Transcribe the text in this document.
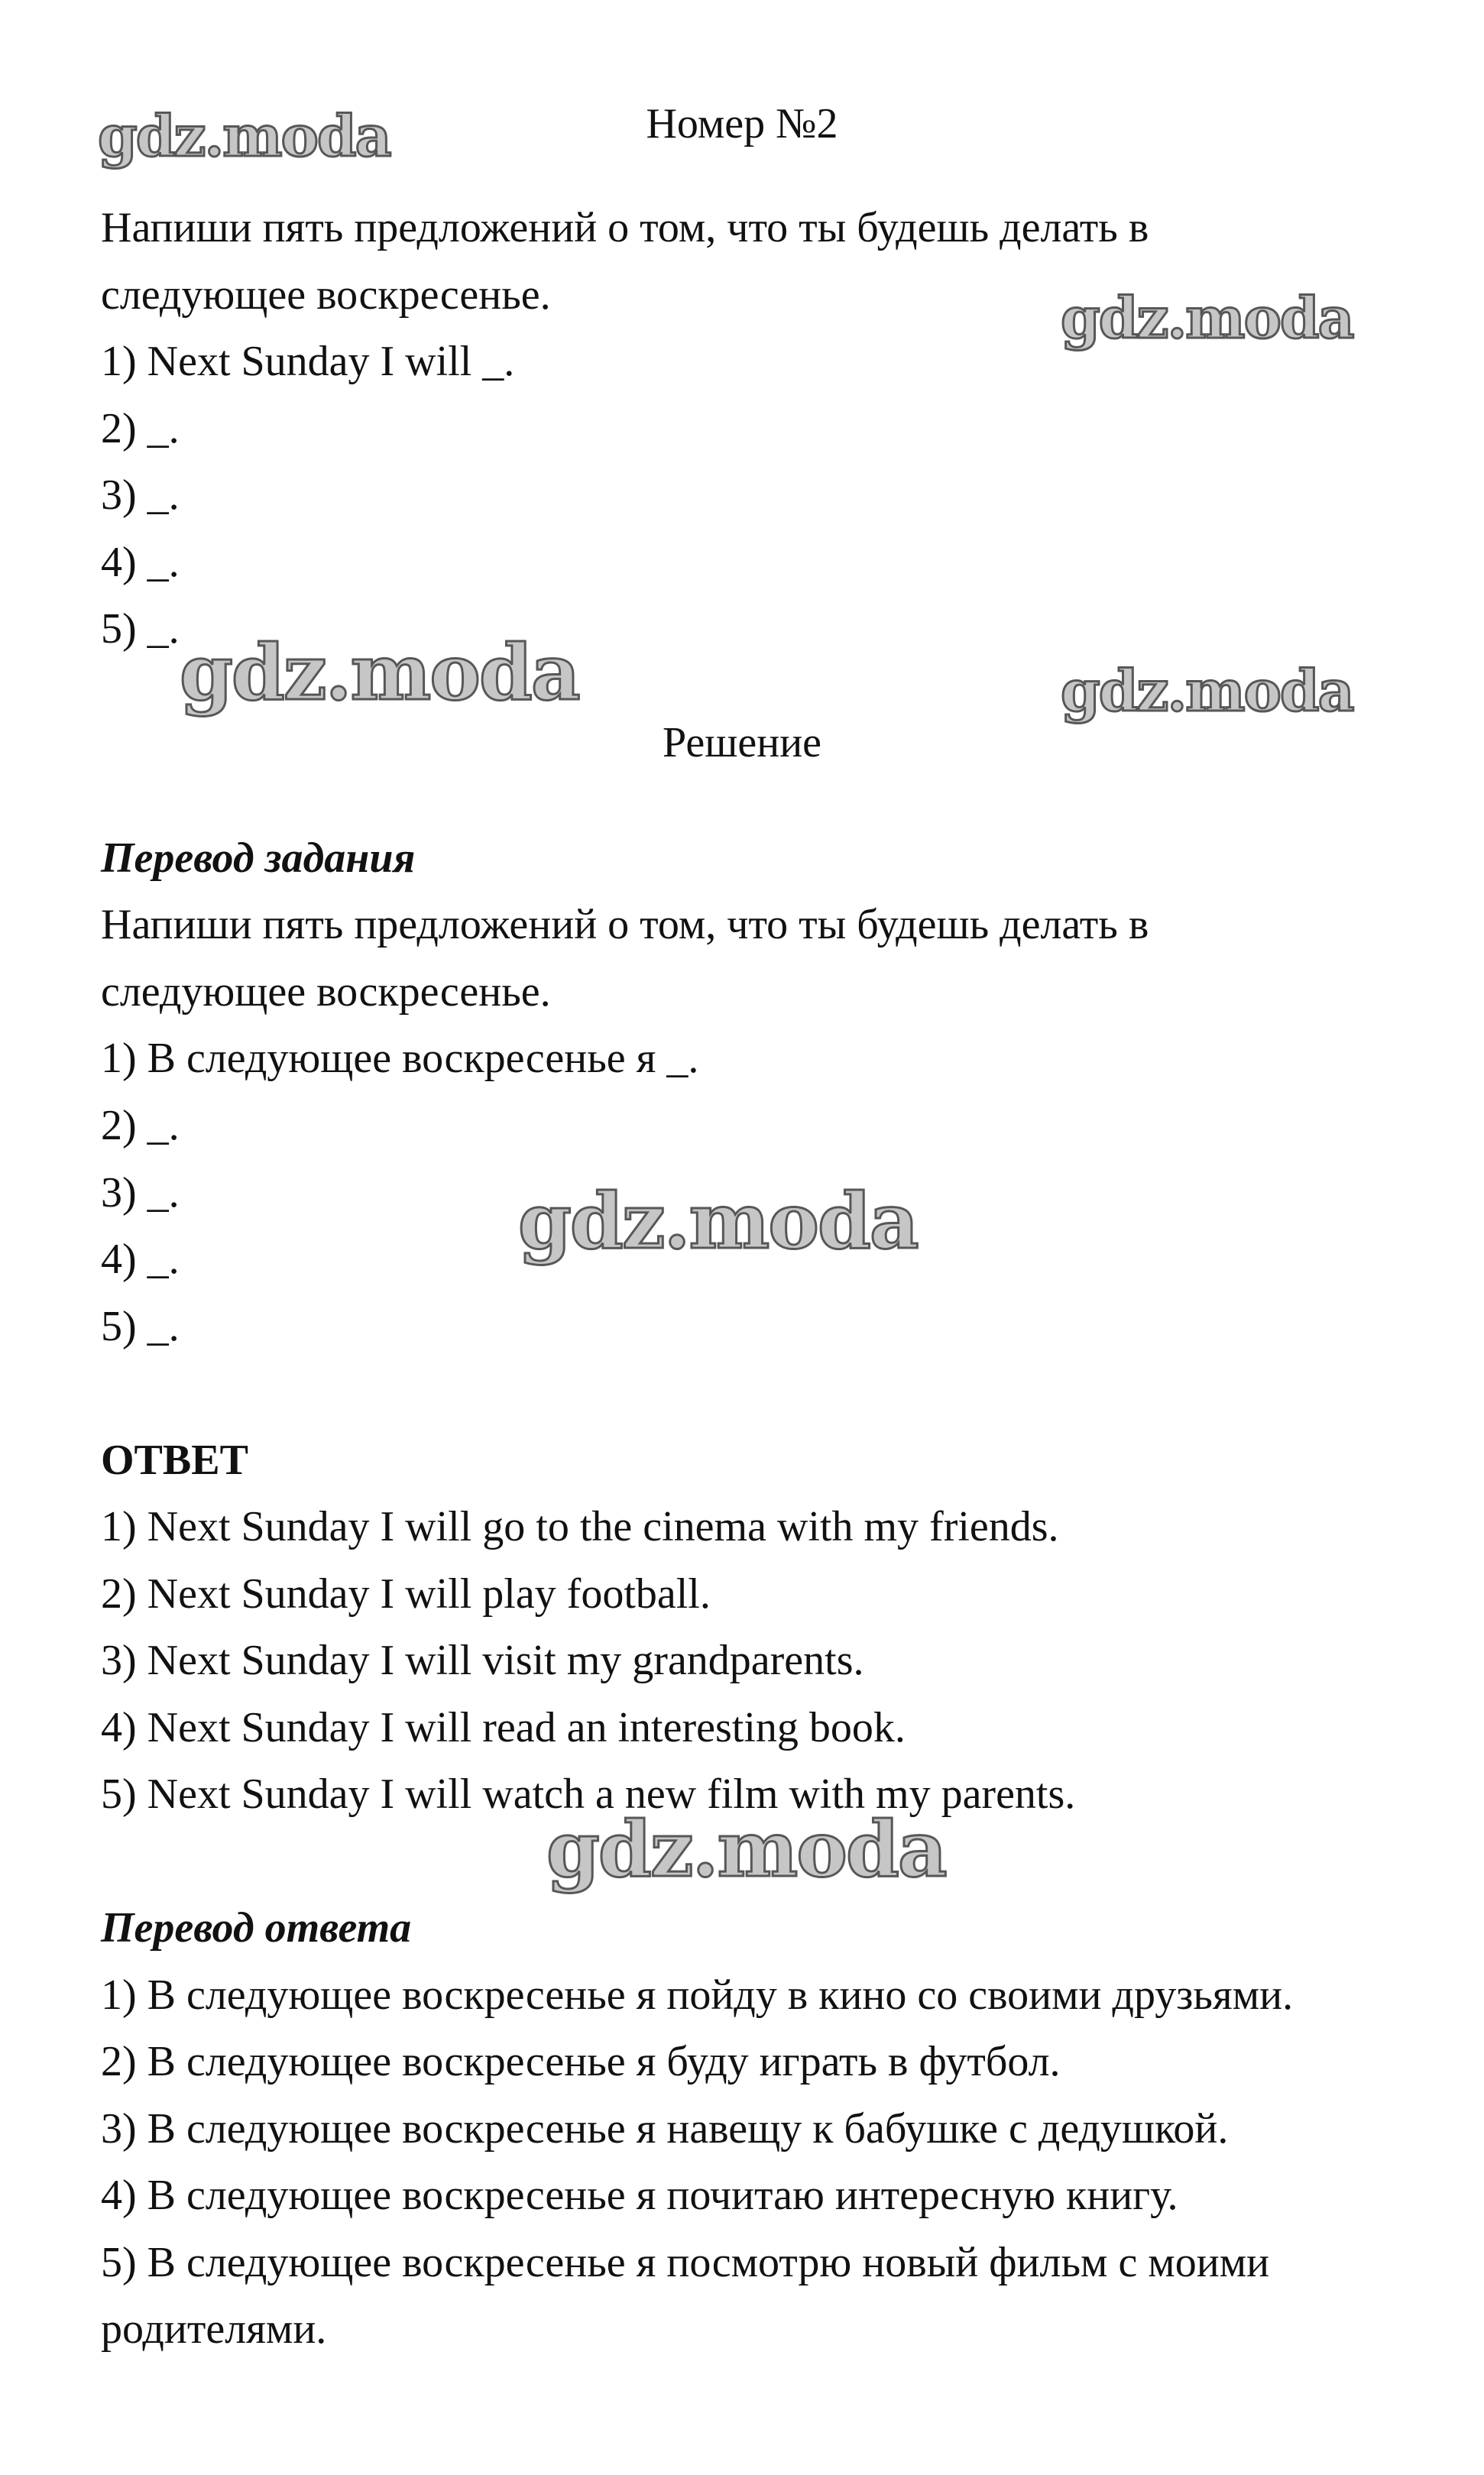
gdz.moda
gdz.moda
gdz.moda	gdz.moda
gdz.moda
gdz.moda
Номер №2
Напиши пять предложений о том, что ты будешь делать в
следующее воскресенье.
1) Next Sunday I will _.
2) _.
3) _.
4) _.
5) _.
Решение
Перевод задания
Напиши пять предложений о том, что ты будешь делать в
следующее воскресенье.
1) В следующее воскресенье я _.
2) _.
3) _.
4) _.
5) _.
ОТВЕТ
1) Next Sunday I will go to the cinema with my friends.
2) Next Sunday I will play football.
3) Next Sunday I will visit my grandparents.
4) Next Sunday I will read an interesting book.
5) Next Sunday I will watch a new film with my parents.
Перевод ответа
1) В следующее воскресенье я пойду в кино со своими друзьями.
2) В следующее воскресенье я буду играть в футбол.
3) В следующее воскресенье я навещу к бабушке с дедушкой.
4) В следующее воскресенье я почитаю интересную книгу.
5) В следующее воскресенье я посмотрю новый фильм с моими
родителями.
